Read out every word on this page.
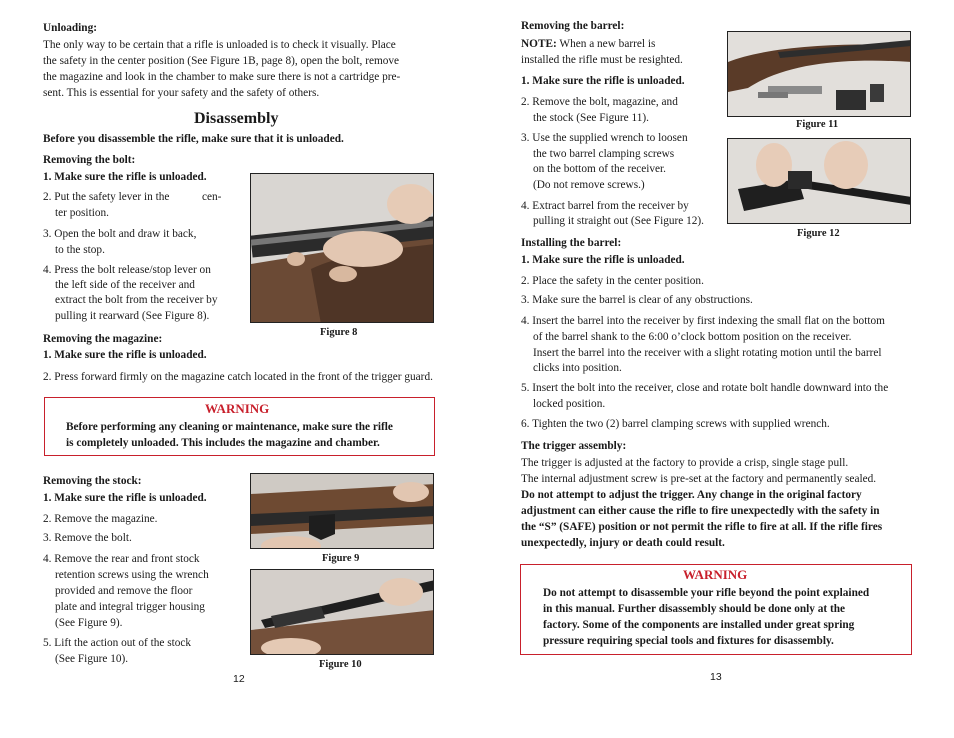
Unloading:
The only way to be certain that a rifle is unloaded is to check it visually. Place
the safety in the center position (See Figure 1B, page 8), open the bolt, remove
the magazine and look in the chamber to make sure there is not a cartridge pre-
sent. This is essential for your safety and the safety of others.
Disassembly
Before you disassemble the rifle, make sure that it is unloaded.
Removing the bolt:
1. Make sure the rifle is unloaded.
2. Put the safety lever in the	cen-
ter position.
3. Open the bolt and draw it back,
to the stop.
4. Press the bolt release/stop lever on
the left side of the receiver and
extract the bolt from the receiver by
pulling it rearward (See Figure 8).
Figure 8
Removing the magazine:
1. Make sure the rifle is unloaded.
2. Press forward firmly on the magazine catch located in the front of the trigger guard.
WARNING
Before performing any cleaning or maintenance, make sure the rifle
is completely unloaded. This includes the magazine and chamber.
Removing the stock:
1. Make sure the rifle is unloaded.
2. Remove the magazine.
3. Remove the bolt.
4. Remove the rear and front stock
retention screws using the wrench
provided and remove the floor
plate and integral trigger housing
(See Figure 9).
5. Lift the action out of the stock
(See Figure 10).
Figure 9
Figure 10
12
Removing the barrel:
NOTE: When a new barrel is
installed the rifle must be resighted.
1. Make sure the rifle is unloaded.
2. Remove the bolt, magazine, and
the stock (See Figure 11).
3. Use the supplied wrench to loosen
the two barrel clamping screws
on the bottom of the receiver.
(Do not remove screws.)
4. Extract barrel from the receiver by
pulling it straight out (See Figure 12).
Figure 11
Figure 12
Installing the barrel:
1. Make sure the rifle is unloaded.
2. Place the safety in the center position.
3. Make sure the barrel is clear of any obstructions.
4. Insert the barrel into the receiver by first indexing the small flat on the bottom
of the barrel shank to the 6:00 o’clock bottom position on the receiver.
Insert the barrel into the receiver with a slight rotating motion until the barrel
clicks into position.
5. Insert the bolt into the receiver, close and rotate bolt handle downward into the
locked position.
6. Tighten the two (2) barrel clamping screws with supplied wrench.
The trigger assembly:
The trigger is adjusted at the factory to provide a crisp, single stage pull.
The internal adjustment screw is pre-set at the factory and permanently sealed.
Do not attempt to adjust the trigger. Any change in the original factory
adjustment can either cause the rifle to fire unexpectedly with the safety in
the “S” (SAFE) position or not permit the rifle to fire at all. If the rifle fires
unexpectedly, injury or death could result.
WARNING
Do not attempt to disassemble your rifle beyond the point explained
in this manual. Further disassembly should be done only at the
factory. Some of the components are installed under great spring
pressure requiring special tools and fixtures for disassembly.
13
